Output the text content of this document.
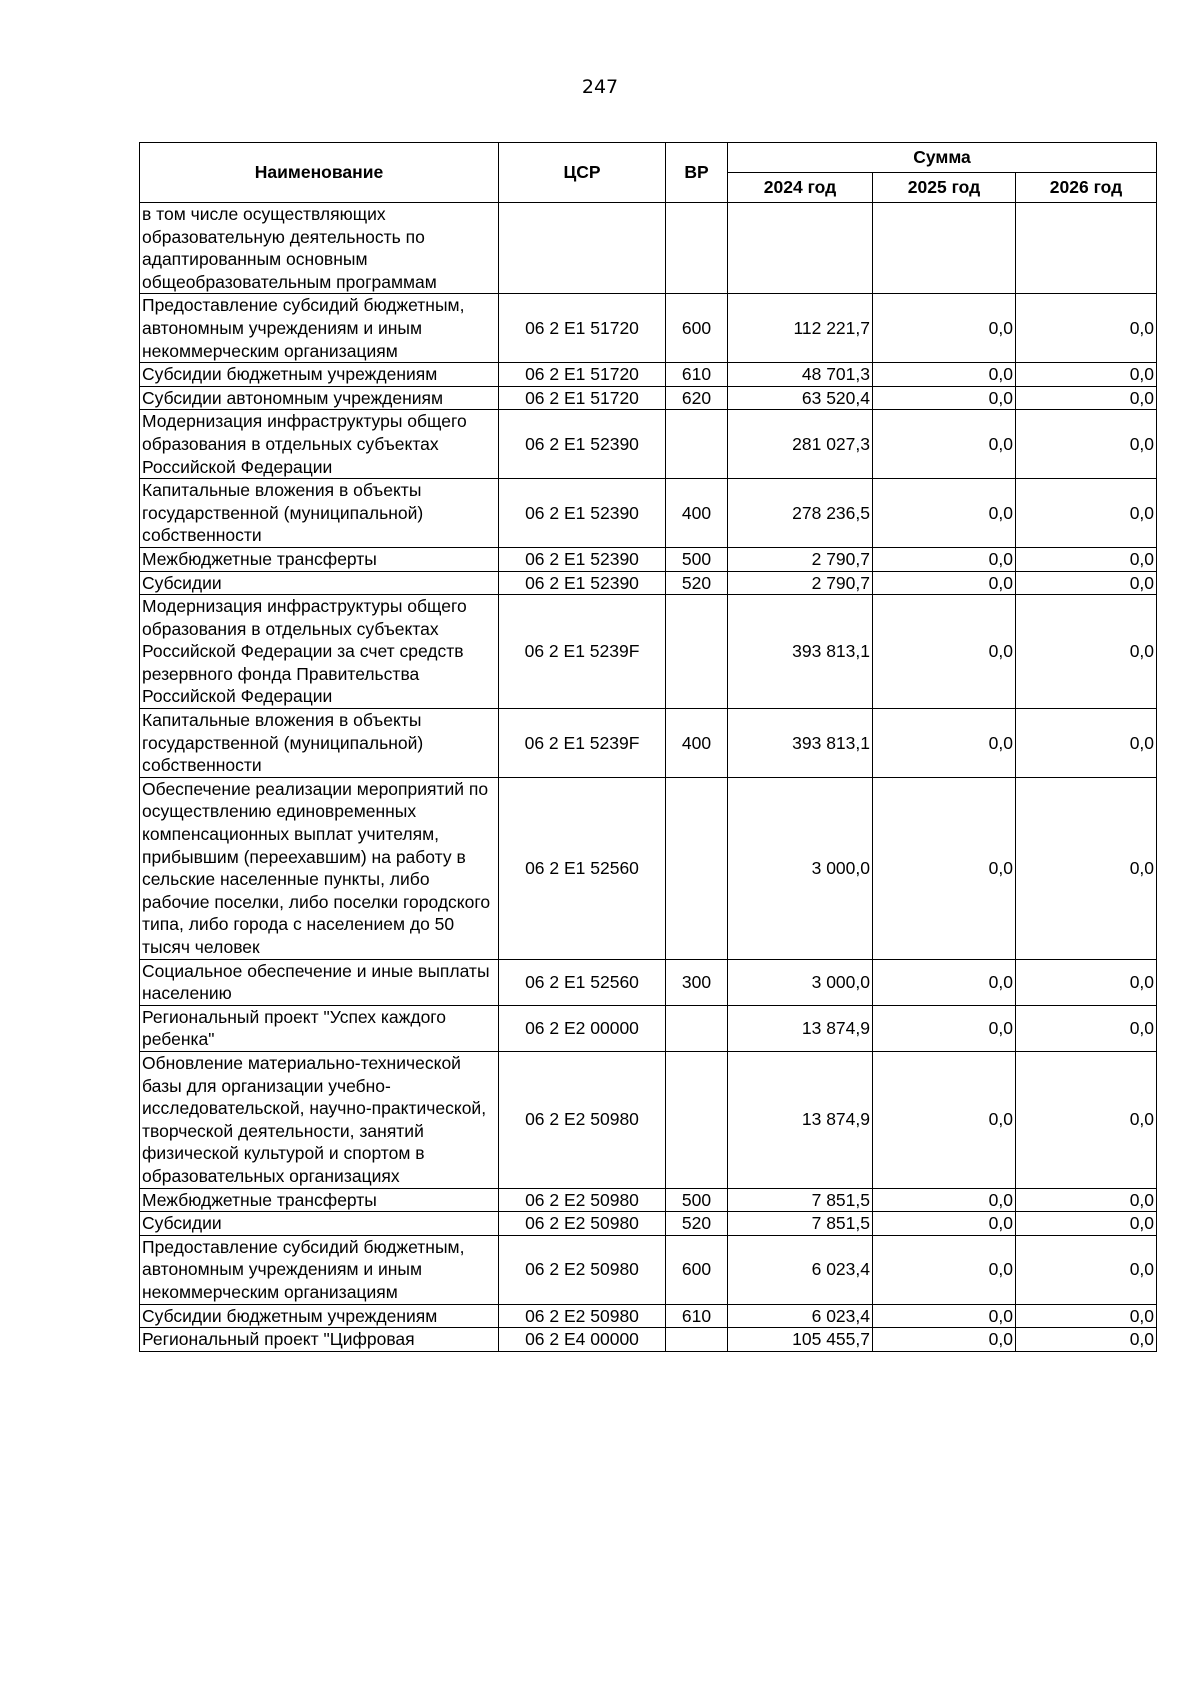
247
Наименование	ЦСР	ВР	Сумма		
			2024 год	2025 год	2026 год
в том числе осуществляющих образовательную деятельность по адаптированным основным общеобразовательным программам					
Предоставление субсидий бюджетным, автономным учреждениям и иным некоммерческим организациям	06 2 E1 51720	600	112 221,7	0,0	0,0
Субсидии бюджетным учреждениям	06 2 E1 51720	610	48 701,3	0,0	0,0
Субсидии автономным учреждениям	06 2 E1 51720	620	63 520,4	0,0	0,0
Модернизация инфраструктуры общего образования в отдельных субъектах Российской Федерации	06 2 E1 52390		281 027,3	0,0	0,0
Капитальные вложения в объекты государственной (муниципальной) собственности	06 2 E1 52390	400	278 236,5	0,0	0,0
Межбюджетные трансферты	06 2 E1 52390	500	2 790,7	0,0	0,0
Субсидии	06 2 E1 52390	520	2 790,7	0,0	0,0
Модернизация инфраструктуры общего образования в отдельных субъектах Российской Федерации за счет средств резервного фонда Правительства Российской Федерации	06 2 E1 5239F		393 813,1	0,0	0,0
Капитальные вложения в объекты государственной (муниципальной) собственности	06 2 E1 5239F	400	393 813,1	0,0	0,0
Обеспечение реализации мероприятий по осуществлению единовременных компенсационных выплат учителям, прибывшим (переехавшим) на работу в сельские населенные пункты, либо рабочие поселки, либо поселки городского типа, либо города с населением до 50 тысяч человек	06 2 E1 52560		3 000,0	0,0	0,0
Социальное обеспечение и иные выплаты населению	06 2 E1 52560	300	3 000,0	0,0	0,0
Региональный проект "Успех каждого ребенка"	06 2 E2 00000		13 874,9	0,0	0,0
Обновление материально-технической базы для организации учебно-исследовательской, научно-практической, творческой деятельности, занятий физической культурой и спортом в образовательных организациях	06 2 E2 50980		13 874,9	0,0	0,0
Межбюджетные трансферты	06 2 E2 50980	500	7 851,5	0,0	0,0
Субсидии	06 2 E2 50980	520	7 851,5	0,0	0,0
Предоставление субсидий бюджетным, автономным учреждениям и иным некоммерческим организациям	06 2 E2 50980	600	6 023,4	0,0	0,0
Субсидии бюджетным учреждениям	06 2 E2 50980	610	6 023,4	0,0	0,0
Региональный проект "Цифровая	06 2 E4 00000		105 455,7	0,0	0,0
